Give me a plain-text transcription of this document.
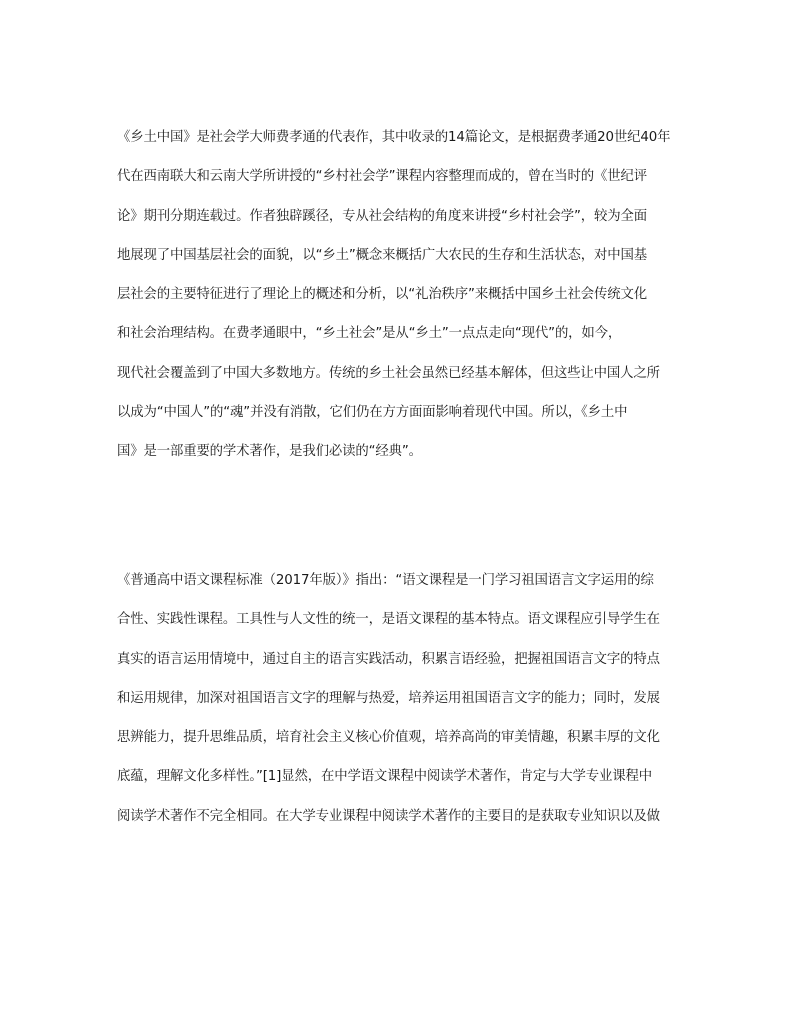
《乡土中国》是社会学大师费孝通的代表作，其中收录的14篇论文，是根据费孝通20世纪40年
代在西南联大和云南大学所讲授的“乡村社会学”课程内容整理而成的，曾在当时的《世纪评
论》期刊分期连载过。作者独辟蹊径，专从社会结构的角度来讲授“乡村社会学”，较为全面
地展现了中国基层社会的面貌，以“乡土”概念来概括广大农民的生存和生活状态，对中国基
层社会的主要特征进行了理论上的概述和分析，以“礼治秩序”来概括中国乡土社会传统文化
和社会治理结构。在费孝通眼中，“乡土社会”是从“乡土”一点点走向“现代”的，如今，
现代社会覆盖到了中国大多数地方。传统的乡土社会虽然已经基本解体，但这些让中国人之所
以成为“中国人”的“魂”并没有消散，它们仍在方方面面影响着现代中国。所以，《乡土中
国》是一部重要的学术著作，是我们必读的“经典”。
《普通高中语文课程标准（2017年版）》指出：“语文课程是一门学习祖国语言文字运用的综
合性、实践性课程。工具性与人文性的统一，是语文课程的基本特点。语文课程应引导学生在
真实的语言运用情境中，通过自主的语言实践活动，积累言语经验，把握祖国语言文字的特点
和运用规律，加深对祖国语言文字的理解与热爱，培养运用祖国语言文字的能力；同时，发展
思辨能力，提升思维品质，培育社会主义核心价值观，培养高尚的审美情趣，积累丰厚的文化
底蕴，理解文化多样性。”[1]显然，在中学语文课程中阅读学术著作，肯定与大学专业课程中
阅读学术著作不完全相同。在大学专业课程中阅读学术著作的主要目的是获取专业知识以及做
